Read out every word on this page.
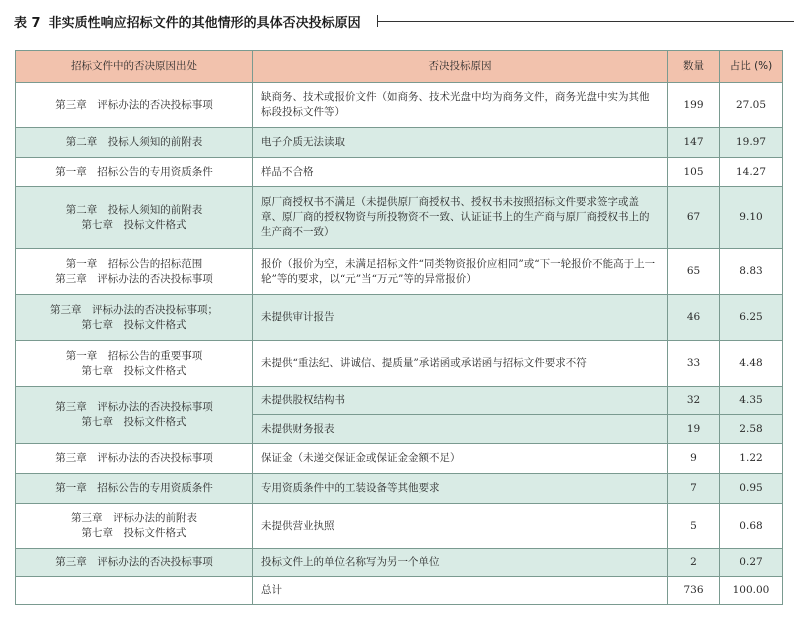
表 7 非实质性响应招标文件的其他情形的具体否决投标原因
招标文件中的否决原因出处	否决投标原因	数量	占比 (%)

第三章　评标办法的否决投标事项	缺商务、技术或报价文件（如商务、技术光盘中均为商务文件，商务光盘中实为其他标段投标文件等）	199	27.05

第二章　投标人须知的前附表	电子介质无法读取	147	19.97

第一章　招标公告的专用资质条件	样品不合格	105	14.27

第二章　投标人须知的前附表
第七章　投标文件格式	原厂商授权书不满足（未提供原厂商授权书、授权书未按照招标文件要求签字或盖章、原厂商的授权物资与所投物资不一致、认证证书上的生产商与原厂商授权书上的生产商不一致）	67	9.10

第一章　招标公告的招标范围
第三章　评标办法的否决投标事项	报价（报价为空，未满足招标文件“同类物资报价应相同”或“下一轮报价不能高于上一轮”等的要求，以“元”当“万元”等的异常报价）	65	8.83

第三章　评标办法的否决投标事项；
第七章　投标文件格式	未提供审计报告	46	6.25

第一章　招标公告的重要事项
第七章　投标文件格式	未提供“重法纪、讲诚信、提质量”承诺函或承诺函与招标文件要求不符	33	4.48

第三章　评标办法的否决投标事项
第七章　投标文件格式	未提供股权结构书	32	4.35
	未提供财务报表	19	2.58

第三章　评标办法的否决投标事项	保证金（未递交保证金或保证金金额不足）	9	1.22

第一章　招标公告的专用资质条件	专用资质条件中的工装设备等其他要求	7	0.95

第三章　评标办法的前附表
第七章　投标文件格式	未提供营业执照	5	0.68

第三章　评标办法的否决投标事项	投标文件上的单位名称写为另一个单位	2	0.27
	总计	736	100.00
